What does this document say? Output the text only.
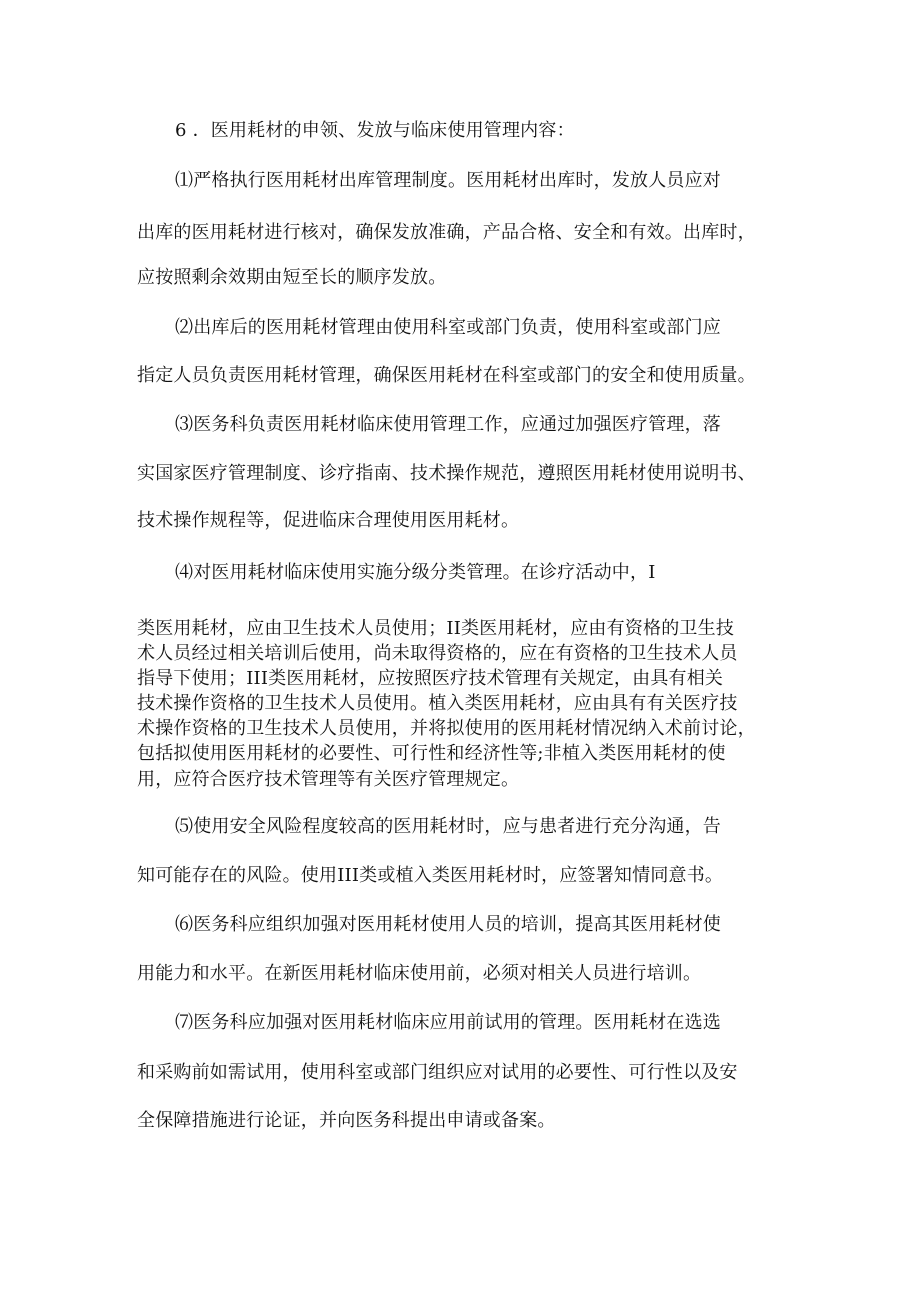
6 ．医用耗材的申领、发放与临床使用管理内容：
⑴严格执行医用耗材出库管理制度。医用耗材出库时，发放人员应对
出库的医用耗材进行核对，确保发放准确，产品合格、安全和有效。出库时，
应按照剩余效期由短至长的顺序发放。
⑵出库后的医用耗材管理由使用科室或部门负责，使用科室或部门应
指定人员负责医用耗材管理，确保医用耗材在科室或部门的安全和使用质量。
⑶医务科负责医用耗材临床使用管理工作，应通过加强医疗管理，落
实国家医疗管理制度、诊疗指南、技术操作规范，遵照医用耗材使用说明书、
技术操作规程等，促进临床合理使用医用耗材。
⑷对医用耗材临床使用实施分级分类管理。在诊疗活动中，I
类医用耗材，应由卫生技术人员使用；II类医用耗材，应由有资格的卫生技
术人员经过相关培训后使用，尚未取得资格的，应在有资格的卫生技术人员
指导下使用；III类医用耗材，应按照医疗技术管理有关规定，由具有相关
技术操作资格的卫生技术人员使用。植入类医用耗材，应由具有有关医疗技
术操作资格的卫生技术人员使用，并将拟使用的医用耗材情况纳入术前讨论，
包括拟使用医用耗材的必要性、可行性和经济性等;非植入类医用耗材的使
用，应符合医疗技术管理等有关医疗管理规定。
⑸使用安全风险程度较高的医用耗材时，应与患者进行充分沟通，告
知可能存在的风险。使用III类或植入类医用耗材时，应签署知情同意书。
⑹医务科应组织加强对医用耗材使用人员的培训，提高其医用耗材使
用能力和水平。在新医用耗材临床使用前，必须对相关人员进行培训。
⑺医务科应加强对医用耗材临床应用前试用的管理。医用耗材在选选
和采购前如需试用，使用科室或部门组织应对试用的必要性、可行性以及安
全保障措施进行论证，并向医务科提出申请或备案。
